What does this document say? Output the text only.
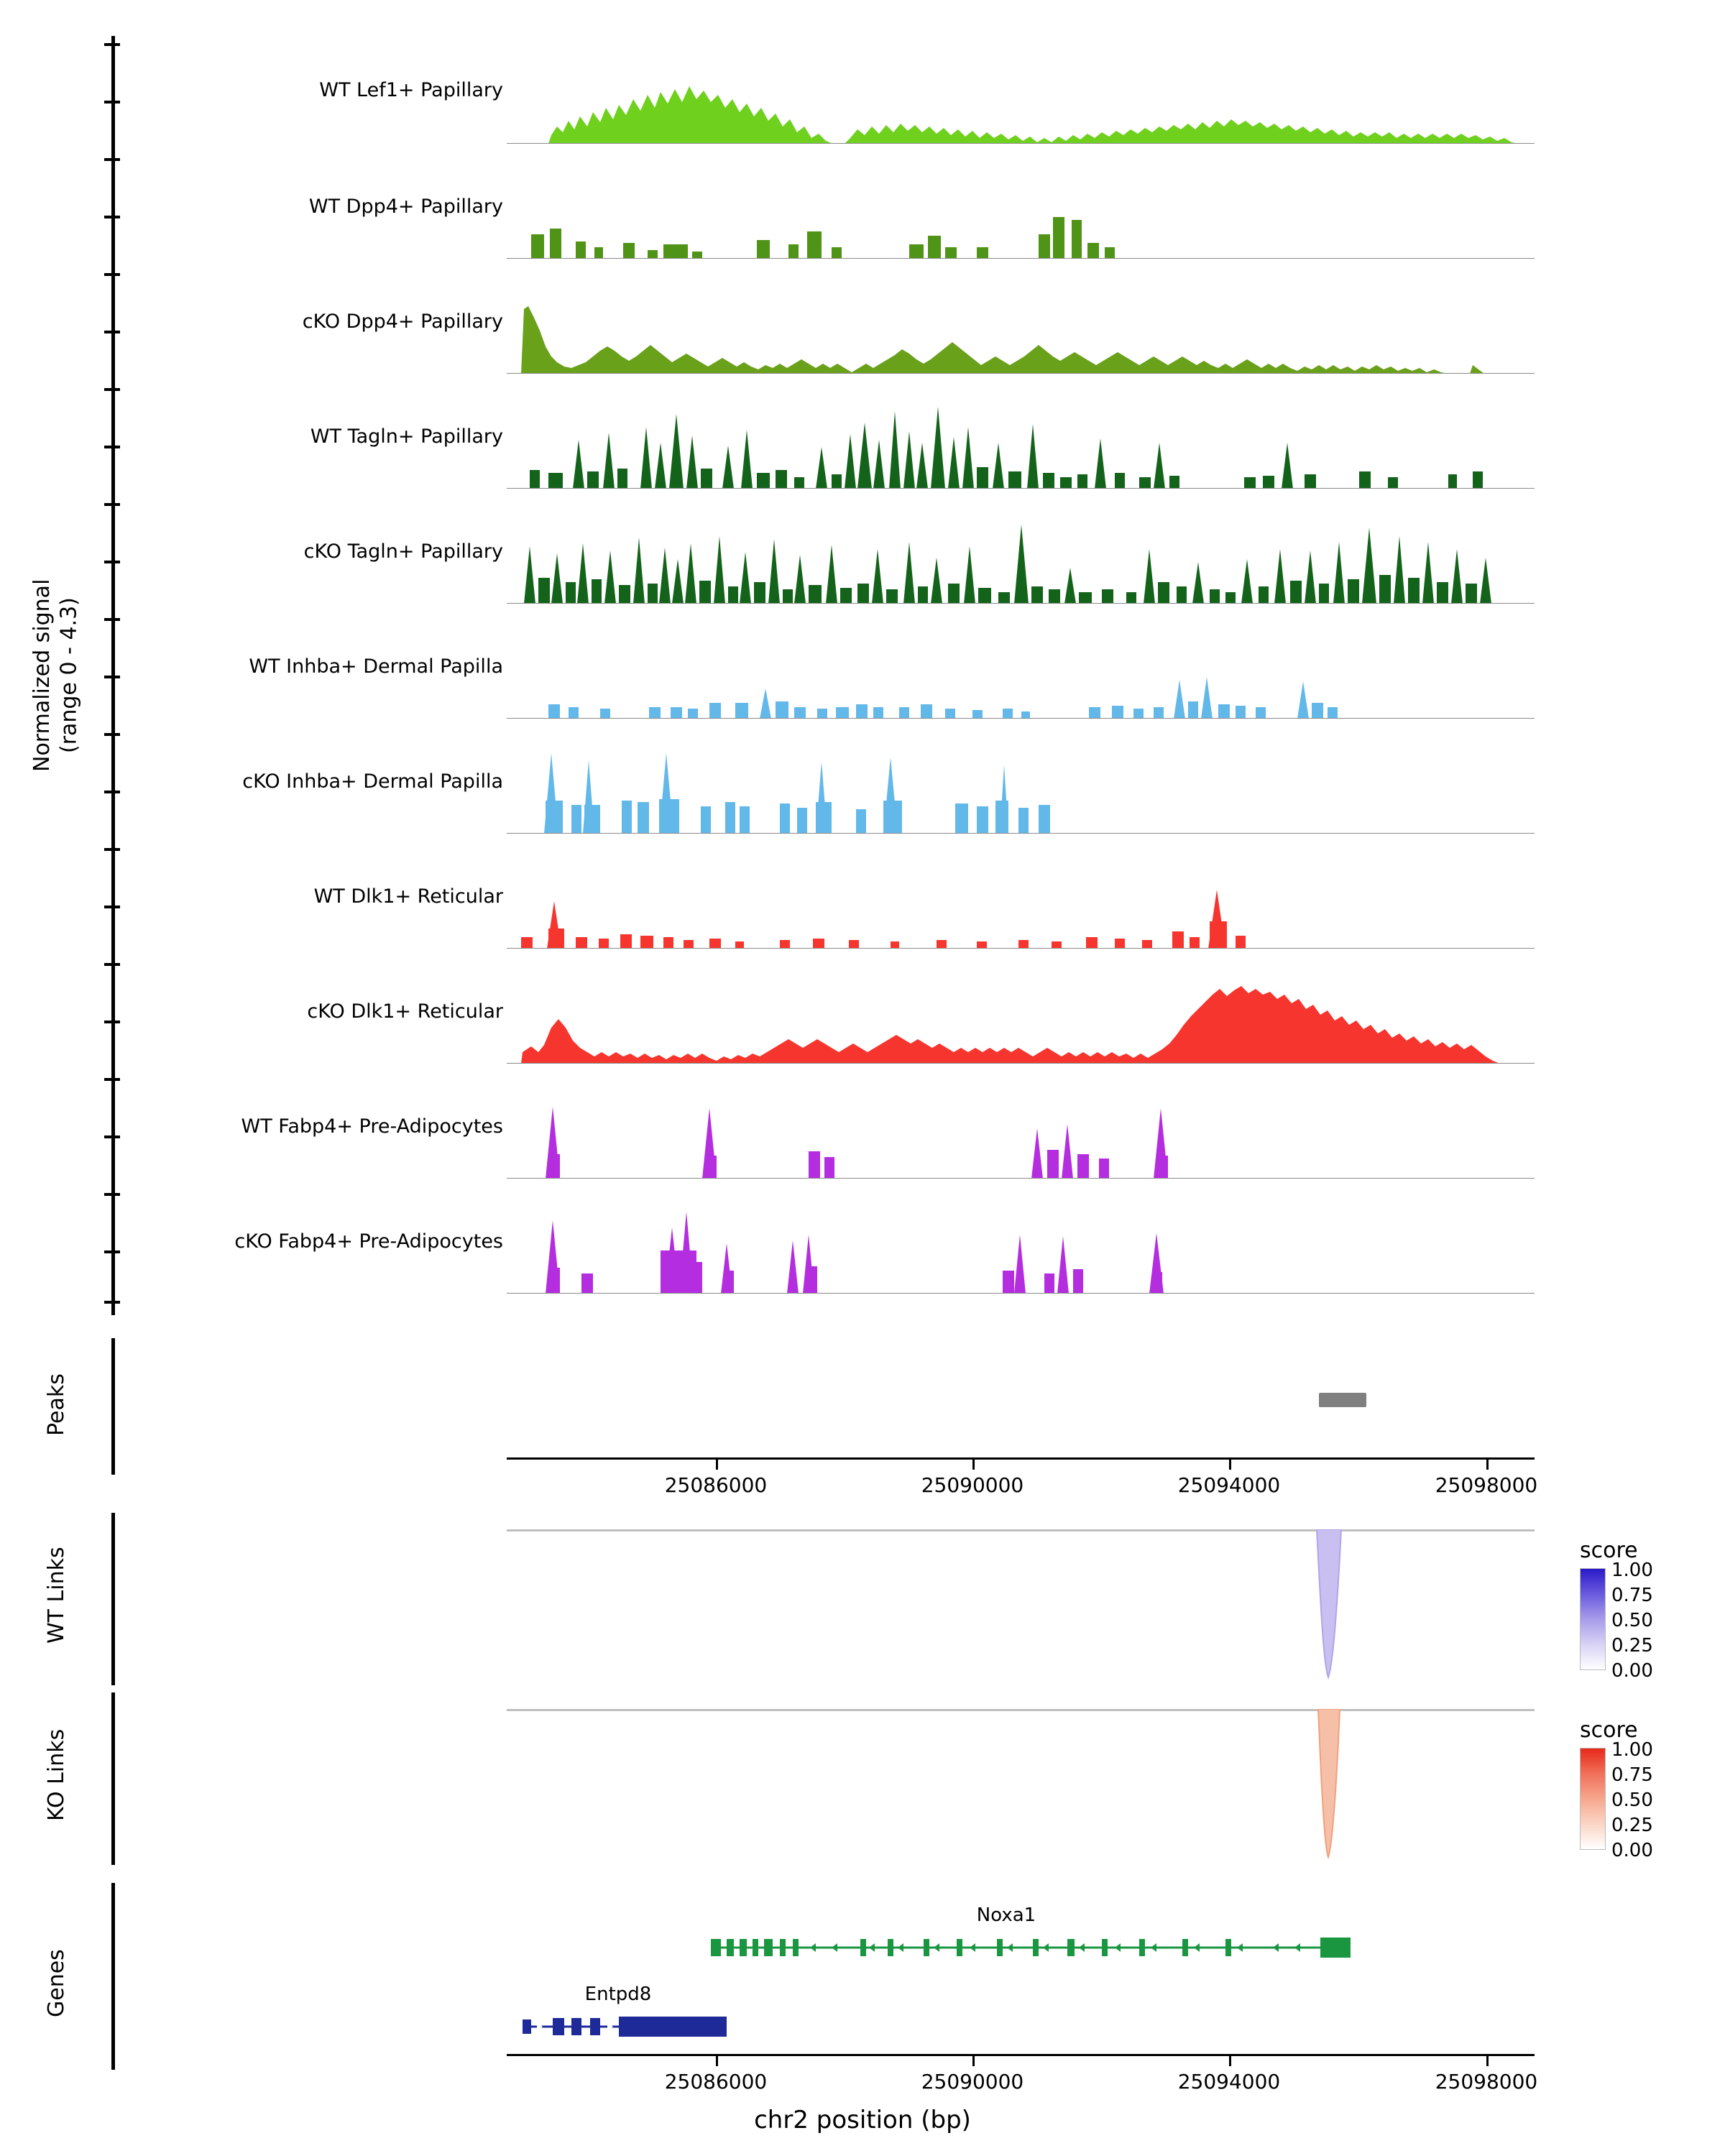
Normalized signal
(range 0 - 4.3)
WT Lef1+ Papillary
WT Dpp4+ Papillary
cKO Dpp4+ Papillary
WT Tagln+ Papillary
cKO Tagln+ Papillary
WT Inhba+ Dermal Papilla
cKO Inhba+ Dermal Papilla
WT Dlk1+ Reticular
cKO Dlk1+ Reticular
WT Fabp4+ Pre-Adipocytes
cKO Fabp4+ Pre-Adipocytes
Peaks
25086000	25090000	25094000	25098000
WT Links	score
1.00
0.75
0.50
0.25
0.00
KO Links	score
1.00
0.75
0.50
0.25
0.00
Genes
Noxa1
Entpd8
25086000	25090000	25094000	25098000
chr2 position (bp)
